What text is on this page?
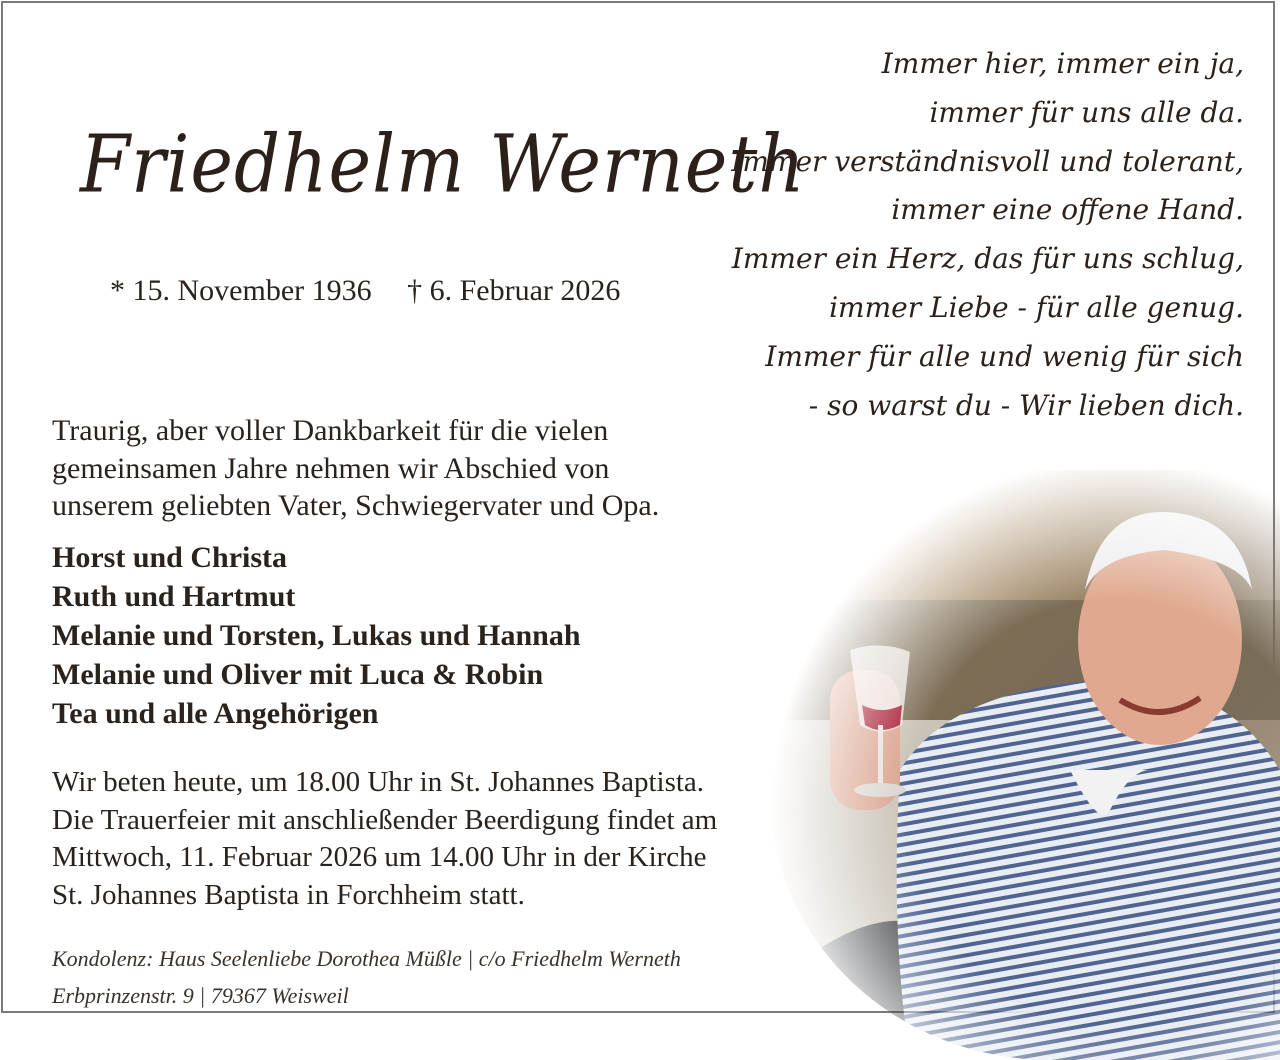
Friedhelm Werneth
* 15. November 1936 † 6. Februar 2026
Immer hier, immer ein ja,
immer für uns alle da.
Immer verständnisvoll und tolerant,
immer eine offene Hand.
Immer ein Herz, das für uns schlug,
immer Liebe - für alle genug.
Immer für alle und wenig für sich
- so warst du - Wir lieben dich.
Traurig, aber voller Dankbarkeit für die vielen
gemeinsamen Jahre nehmen wir Abschied von
unserem geliebten Vater, Schwiegervater und Opa.
Horst und Christa
Ruth und Hartmut
Melanie und Torsten, Lukas und Hannah
Melanie und Oliver mit Luca & Robin
Tea und alle Angehörigen
Wir beten heute, um 18.00 Uhr in St. Johannes Baptista.
Die Trauerfeier mit anschließender Beerdigung findet am
Mittwoch, 11. Februar 2026 um 14.00 Uhr in der Kirche
St. Johannes Baptista in Forchheim statt.
Kondolenz: Haus Seelenliebe Dorothea Müßle | c/o Friedhelm Werneth
Erbprinzenstr. 9 | 79367 Weisweil
